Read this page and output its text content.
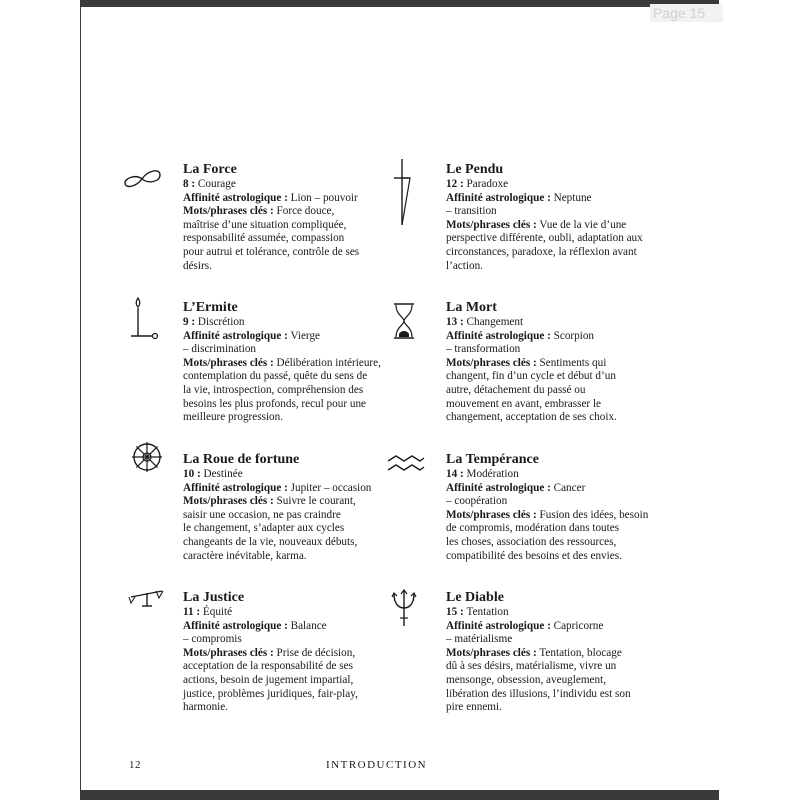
Page 15

La Force

8 : Courage

Affinité astrologique : Lion – pouvoir

Mots/phrases clés : Force douce,

maîtrise d’une situation compliquée,

responsabilité assumée, compassion

pour autrui et tolérance, contrôle de ses

désirs.

L’Ermite

9 : Discrétion

Affinité astrologique : Vierge

– discrimination

Mots/phrases clés : Délibération intérieure,

contemplation du passé, quête du sens de

la vie, introspection, compréhension des

besoins les plus profonds, recul pour une

meilleure progression.

La Roue de fortune

10 : Destinée

Affinité astrologique : Jupiter – occasion

Mots/phrases clés : Suivre le courant,

saisir une occasion, ne pas craindre

le changement, s’adapter aux cycles

changeants de la vie, nouveaux débuts,

caractère inévitable, karma.

La Justice

11 : Équité

Affinité astrologique : Balance

– compromis

Mots/phrases clés : Prise de décision,

acceptation de la responsabilité de ses

actions, besoin de jugement impartial,

justice, problèmes juridiques, fair-play,

harmonie.

Le Pendu

12 : Paradoxe

Affinité astrologique : Neptune

– transition

Mots/phrases clés : Vue de la vie d’une

perspective différente, oubli, adaptation aux

circonstances, paradoxe, la réflexion avant

l’action.

La Mort

13 : Changement

Affinité astrologique : Scorpion

– transformation

Mots/phrases clés : Sentiments qui

changent, fin d’un cycle et début d’un

autre, détachement du passé ou

mouvement en avant, embrasser le

changement, acceptation de ses choix.

La Tempérance

14 : Modération

Affinité astrologique : Cancer

– coopération

Mots/phrases clés : Fusion des idées, besoin

de compromis, modération dans toutes

les choses, association des ressources,

compatibilité des besoins et des envies.

Le Diable

15 : Tentation

Affinité astrologique : Capricorne

– matérialisme

Mots/phrases clés : Tentation, blocage

dû à ses désirs, matérialisme, vivre un

mensonge, obsession, aveuglement,

libération des illusions, l’individu est son

pire ennemi.

12	INTRODUCTION
